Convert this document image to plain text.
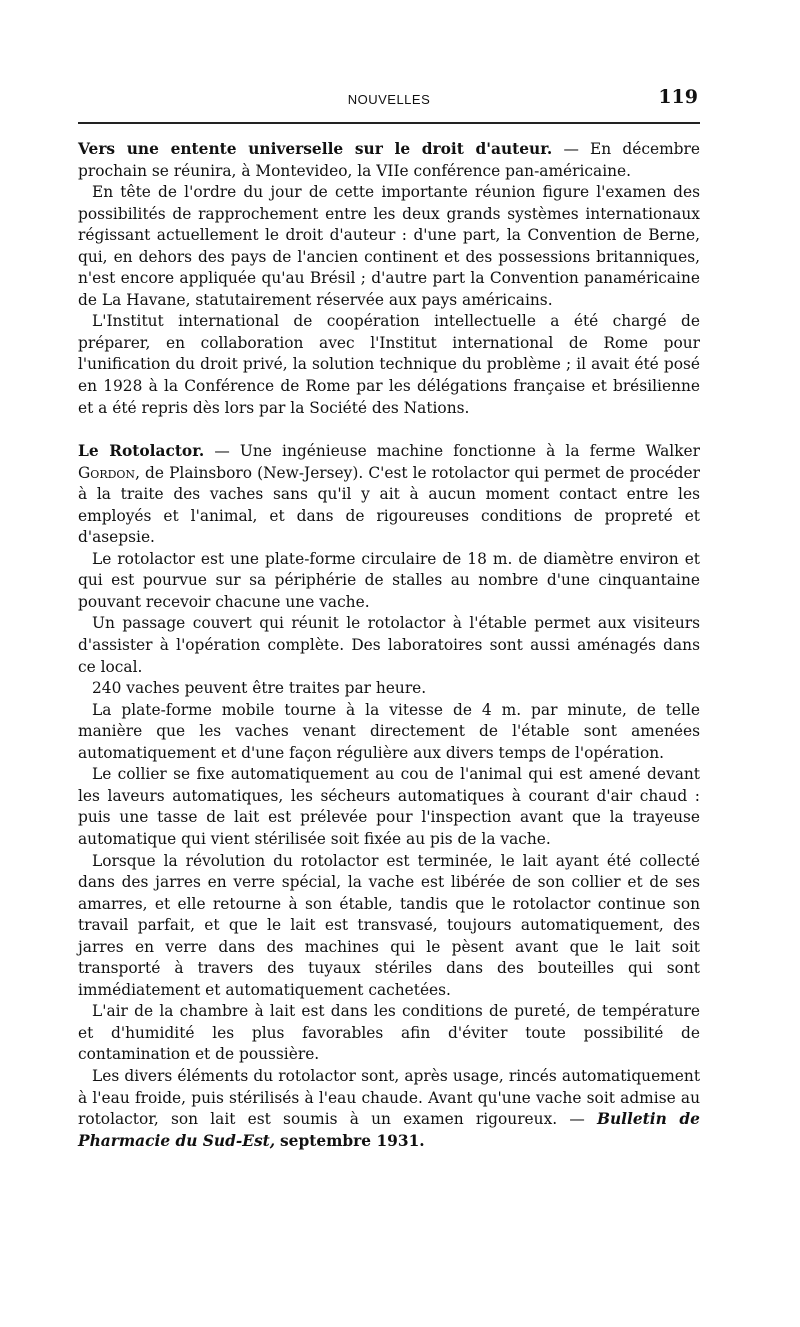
NOUVELLES	119

Vers une entente universelle sur le droit d'auteur. — En décembre prochain se réunira, à Montevideo, la VIIe conférence pan-américaine.

En tête de l'ordre du jour de cette importante réunion figure l'examen des possibilités de rapprochement entre les deux grands systèmes internationaux régissant actuellement le droit d'auteur : d'une part, la Convention de Berne, qui, en dehors des pays de l'ancien continent et des possessions britanniques, n'est encore appliquée qu'au Brésil ; d'autre part la Convention panaméricaine de La Havane, statutairement réservée aux pays américains.

L'Institut international de coopération intellectuelle a été chargé de préparer, en collaboration avec l'Institut international de Rome pour l'unification du droit privé, la solution technique du problème ; il avait été posé en 1928 à la Conférence de Rome par les délégations française et brésilienne et a été repris dès lors par la Société des Nations.

Le Rotolactor. — Une ingénieuse machine fonctionne à la ferme Walker Gordon, de Plainsboro (New-Jersey). C'est le rotolactor qui permet de procéder à la traite des vaches sans qu'il y ait à aucun moment contact entre les employés et l'animal, et dans de rigoureuses conditions de propreté et d'asepsie.

Le rotolactor est une plate-forme circulaire de 18 m. de diamètre environ et qui est pourvue sur sa périphérie de stalles au nombre d'une cinquantaine pouvant recevoir chacune une vache.

Un passage couvert qui réunit le rotolactor à l'étable permet aux visiteurs d'assister à l'opération complète. Des laboratoires sont aussi aménagés dans ce local.

240 vaches peuvent être traites par heure.

La plate-forme mobile tourne à la vitesse de 4 m. par minute, de telle manière que les vaches venant directement de l'étable sont amenées automatiquement et d'une façon régulière aux divers temps de l'opération.

Le collier se fixe automatiquement au cou de l'animal qui est amené devant les laveurs automatiques, les sécheurs automatiques à courant d'air chaud : puis une tasse de lait est prélevée pour l'inspection avant que la trayeuse automatique qui vient stérilisée soit fixée au pis de la vache.

Lorsque la révolution du rotolactor est terminée, le lait ayant été collecté dans des jarres en verre spécial, la vache est libérée de son collier et de ses amarres, et elle retourne à son étable, tandis que le rotolactor continue son travail parfait, et que le lait est transvasé, toujours automatiquement, des jarres en verre dans des machines qui le pèsent avant que le lait soit transporté à travers des tuyaux stériles dans des bouteilles qui sont immédiatement et automatiquement cachetées.

L'air de la chambre à lait est dans les conditions de pureté, de température et d'humidité les plus favorables afin d'éviter toute possibilité de contamination et de poussière.

Les divers éléments du rotolactor sont, après usage, rincés automatiquement à l'eau froide, puis stérilisés à l'eau chaude. Avant qu'une vache soit admise au rotolactor, son lait est soumis à un examen rigoureux. — Bulletin de Pharmacie du Sud-Est, septembre 1931.
